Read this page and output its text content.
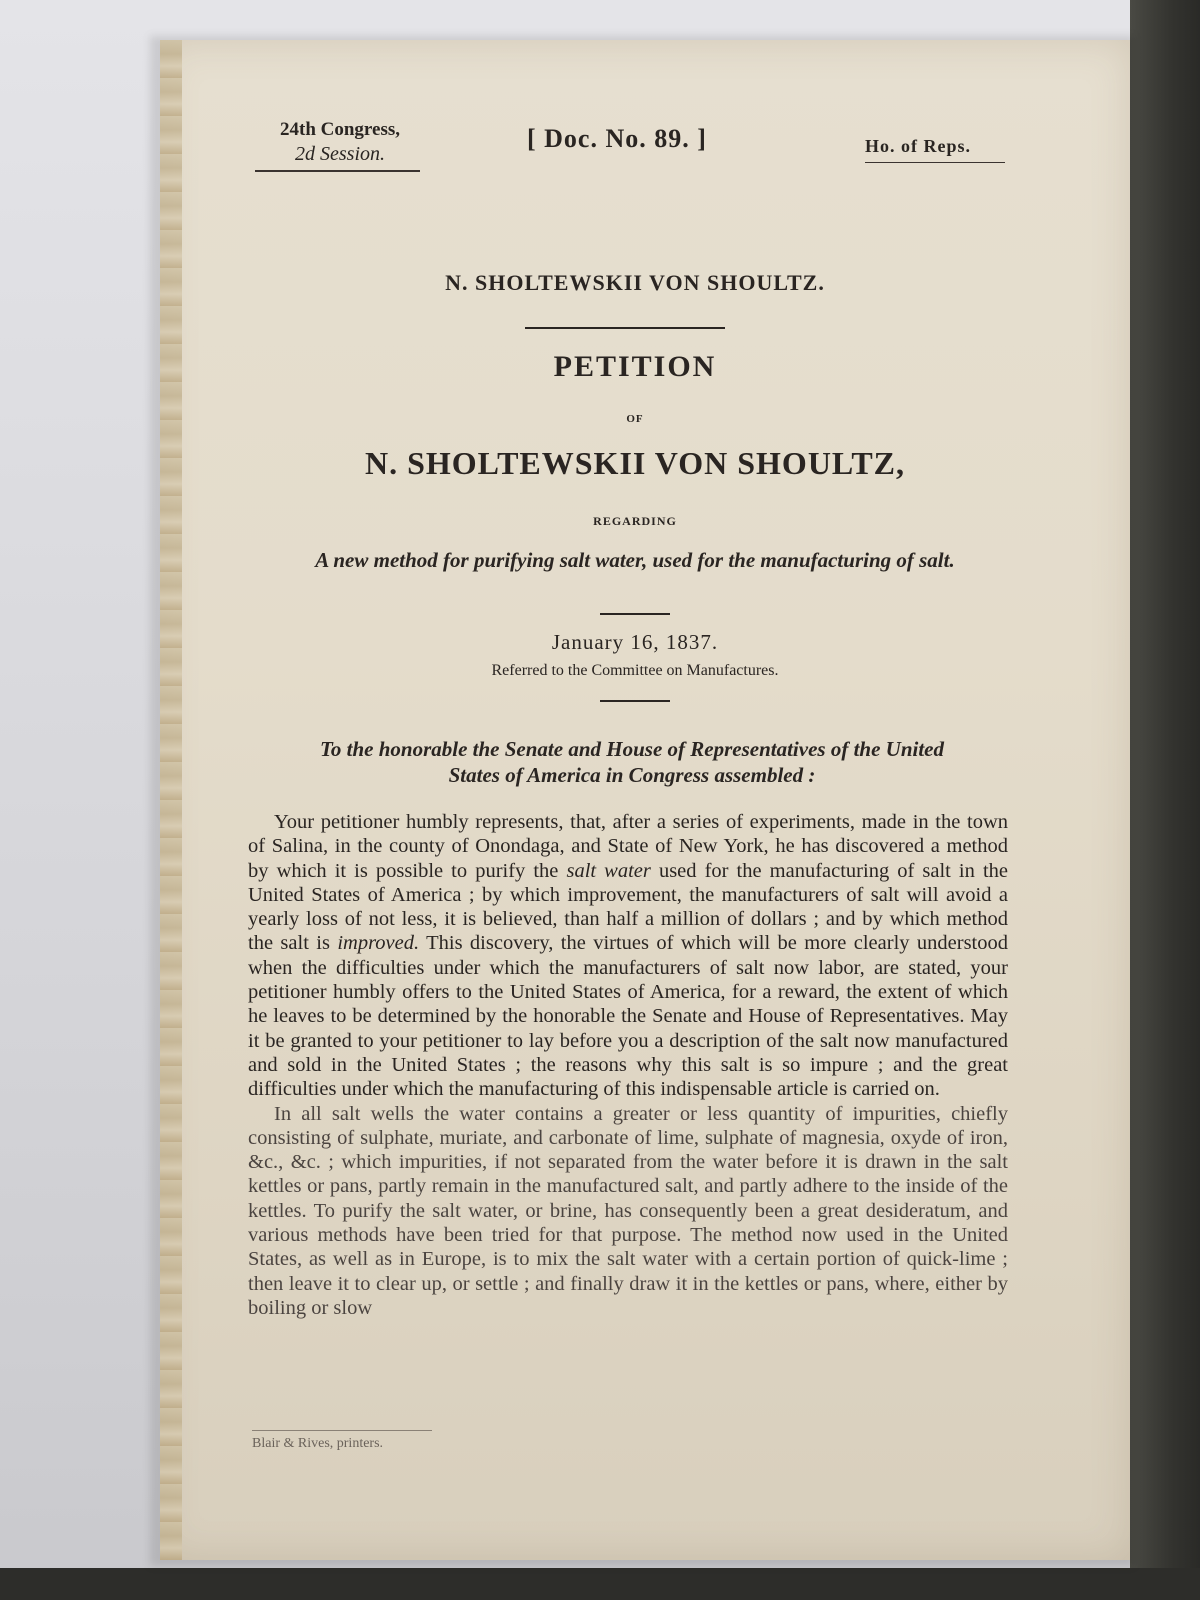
24th Congress,
2d Session.
[ Doc. No. 89. ]	Ho. of Reps.
N. SHOLTEWSKII VON SHOULTZ.
PETITION
OF
N. SHOLTEWSKII VON SHOULTZ,
REGARDING
A new method for purifying salt water, used for the manufacturing of salt.
January 16, 1837.
Referred to the Committee on Manufactures.
To the honorable the Senate and House of Representatives of the United
States of America in Congress assembled :

Your petitioner humbly represents, that, after a series of experiments, made in the town of Salina, in the county of Onondaga, and State of New York, he has discovered a method by which it is possible to purify the salt water used for the manufacturing of salt in the United States of America ; by which improvement, the manufacturers of salt will avoid a yearly loss of not less, it is believed, than half a million of dollars ; and by which method the salt is improved. This discovery, the virtues of which will be more clearly understood when the difficulties under which the manufacturers of salt now labor, are stated, your petitioner humbly offers to the United States of America, for a reward, the extent of which he leaves to be determined by the honorable the Senate and House of Representatives. May it be granted to your petitioner to lay before you a description of the salt now manufactured and sold in the United States ; the reasons why this salt is so impure ; and the great difficulties under which the manufacturing of this indispensable article is carried on.

In all salt wells the water contains a greater or less quantity of impurities, chiefly consisting of sulphate, muriate, and carbonate of lime, sulphate of magnesia, oxyde of iron, &c., &c. ; which impurities, if not separated from the water before it is drawn in the salt kettles or pans, partly remain in the manufactured salt, and partly adhere to the inside of the kettles. To purify the salt water, or brine, has consequently been a great desideratum, and various methods have been tried for that purpose. The method now used in the United States, as well as in Europe, is to mix the salt water with a certain portion of quick-lime ; then leave it to clear up, or settle ; and finally draw it in the kettles or pans, where, either by boiling or slow

Blair & Rives, printers.
